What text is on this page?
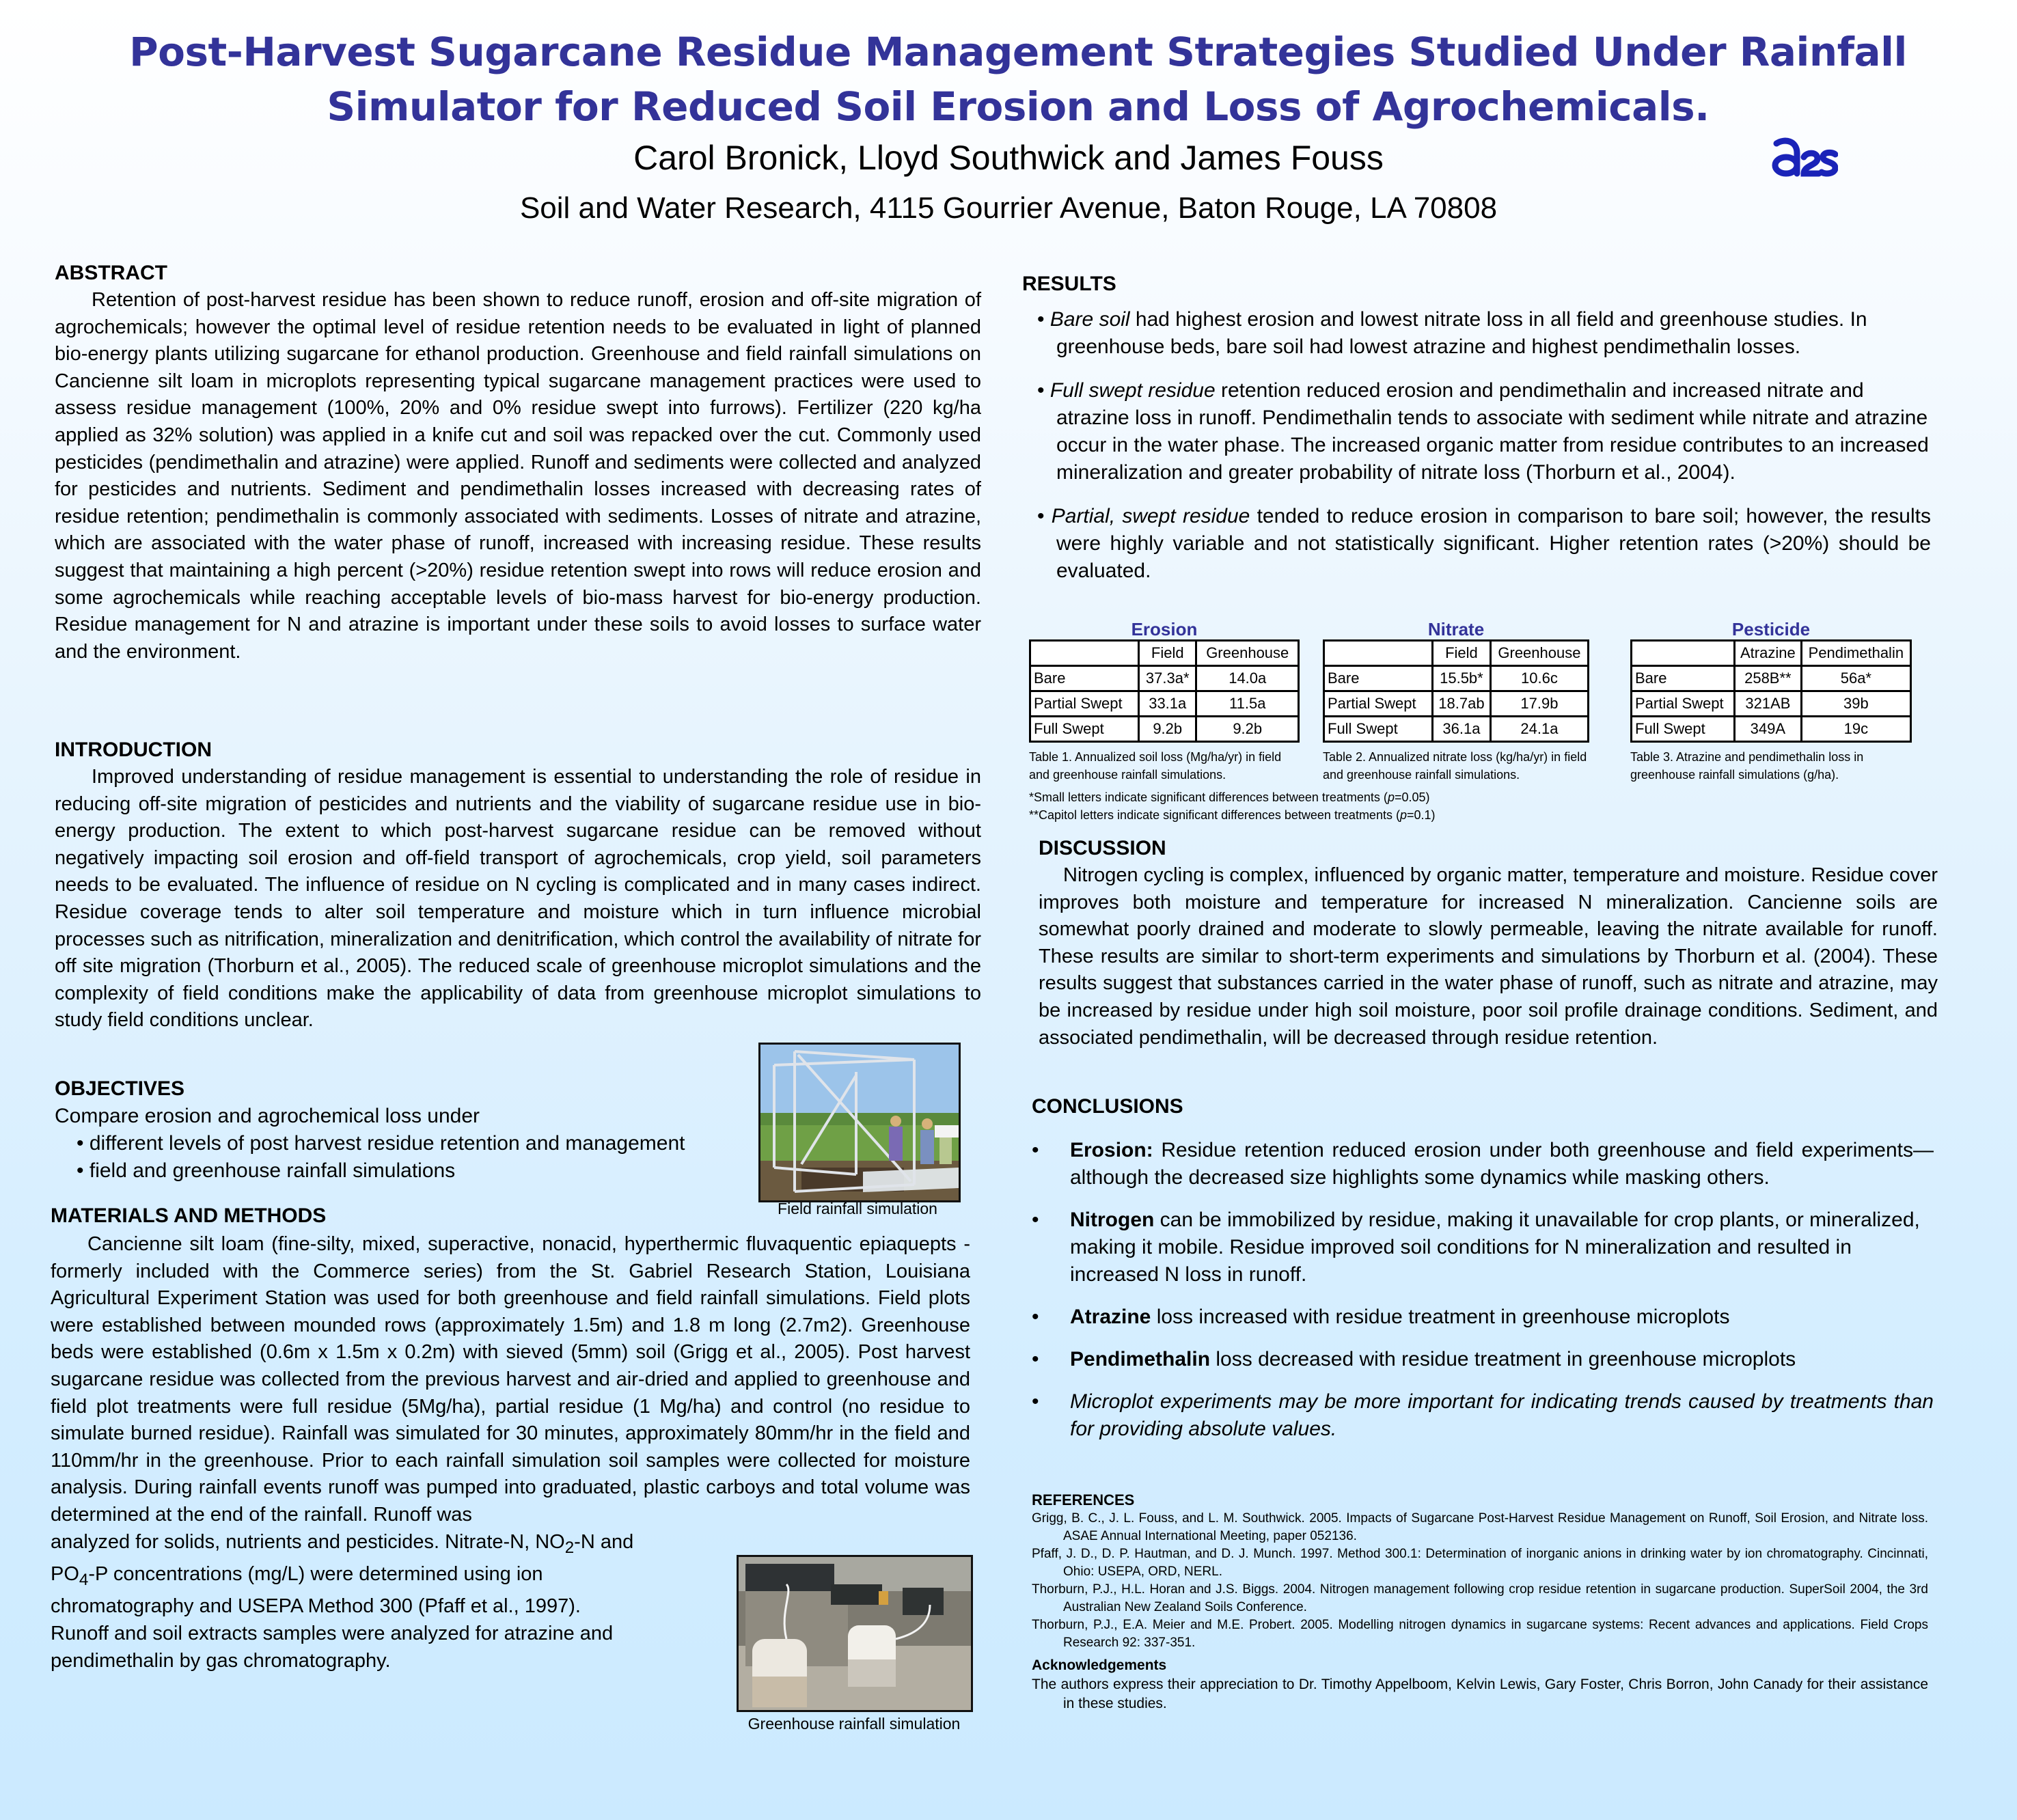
Post-Harvest Sugarcane Residue Management Strategies Studied Under Rainfall
Simulator for Reduced Soil Erosion and Loss of Agrochemicals.
Carol Bronick, Lloyd Southwick and James Fouss
Soil and Water Research, 4115 Gourrier Avenue, Baton Rouge, LA 70808
ABSTRACT
Retention of post-harvest residue has been shown to reduce runoff, erosion and off-site migration of agrochemicals; however the optimal level of residue retention needs to be evaluated in light of planned bio-energy plants utilizing sugarcane for ethanol production. Greenhouse and field rainfall simulations on Cancienne silt loam in microplots representing typical sugarcane management practices were used to assess residue management (100%, 20% and 0% residue swept into furrows). Fertilizer (220 kg/ha applied as 32% solution) was applied in a knife cut and soil was repacked over the cut. Commonly used pesticides (pendimethalin and atrazine) were applied. Runoff and sediments were collected and analyzed for pesticides and nutrients. Sediment and pendimethalin losses increased with decreasing rates of residue retention; pendimethalin is commonly associated with sediments. Losses of nitrate and atrazine, which are associated with the water phase of runoff, increased with increasing residue. These results suggest that maintaining a high percent (>20%) residue retention swept into rows will reduce erosion and some agrochemicals while reaching acceptable levels of bio-mass harvest for bio-energy production. Residue management for N and atrazine is important under these soils to avoid losses to surface water and the environment.
INTRODUCTION
Improved understanding of residue management is essential to understanding the role of residue in reducing off-site migration of pesticides and nutrients and the viability of sugarcane residue use in bio-energy production. The extent to which post-harvest sugarcane residue can be removed without negatively impacting soil erosion and off-field transport of agrochemicals, crop yield, soil parameters needs to be evaluated. The influence of residue on N cycling is complicated and in many cases indirect. Residue coverage tends to alter soil temperature and moisture which in turn influence microbial processes such as nitrification, mineralization and denitrification, which control the availability of nitrate for off site migration (Thorburn et al., 2005). The reduced scale of greenhouse microplot simulations and the complexity of field conditions make the applicability of data from greenhouse microplot simulations to study field conditions unclear.
OBJECTIVES
Compare erosion and agrochemical loss under
• different levels of post harvest residue retention and management
• field and greenhouse rainfall simulations
Field rainfall simulation
MATERIALS AND METHODS
Cancienne silt loam (fine-silty, mixed, superactive, nonacid, hyperthermic fluvaquentic epiaquepts - formerly included with the Commerce series) from the St. Gabriel Research Station, Louisiana Agricultural Experiment Station was used for both greenhouse and field rainfall simulations. Field plots were established between mounded rows (approximately 1.5m) and 1.8 m long (2.7m2). Greenhouse beds were established (0.6m x 1.5m x 0.2m) with sieved (5mm) soil (Grigg et al., 2005). Post harvest sugarcane residue was collected from the previous harvest and air-dried and applied to greenhouse and field plot treatments were full residue (5Mg/ha), partial residue (1 Mg/ha) and control (no residue to simulate burned residue). Rainfall was simulated for 30 minutes, approximately 80mm/hr in the field and 110mm/hr in the greenhouse. Prior to each rainfall simulation soil samples were collected for moisture analysis. During rainfall events runoff was pumped into graduated, plastic carboys and total volume was determined at the end of the rainfall. Runoff was
analyzed for solids, nutrients and pesticides. Nitrate-N, $NO_2-N$ and
$PO_4-P$ concentrations (mg/L) were determined using ion
chromatography and USEPA Method 300 (Pfaff et al., 1997).
Runoff and soil extracts samples were analyzed for atrazine and
pendimethalin by gas chromatography.
Greenhouse rainfall simulation
RESULTS
• Bare soil had highest erosion and lowest nitrate loss in all field and greenhouse studies. In greenhouse beds, bare soil had lowest atrazine and highest pendimethalin losses.
• Full swept residue retention reduced erosion and pendimethalin and increased nitrate and atrazine loss in runoff. Pendimethalin tends to associate with sediment while nitrate and atrazine occur in the water phase. The increased organic matter from residue contributes to an increased mineralization and greater probability of nitrate loss (Thorburn et al., 2004).
• Partial, swept residue tended to reduce erosion in comparison to bare soil; however, the results were highly variable and not statistically significant. Higher retention rates (>20%) should be evaluated.
Erosion
	Field	Greenhouse
Bare	37.3a*	14.0a
Partial Swept	33.1a	11.5a
Full Swept	9.2b	9.2b
Table 1. Annualized soil loss (Mg/ha/yr) in field and greenhouse rainfall simulations.
Nitrate
	Field	Greenhouse
Bare	15.5b*	10.6c
Partial Swept	18.7ab	17.9b
Full Swept	36.1a	24.1a
Table 2. Annualized nitrate loss (kg/ha/yr) in field and greenhouse rainfall simulations.
Pesticide
	Atrazine	Pendimethalin
Bare	258B**	56a*
Partial Swept	321AB	39b
Full Swept	349A	19c
Table 3. Atrazine and pendimethalin loss in greenhouse rainfall simulations (g/ha).
*Small letters indicate significant differences between treatments (p=0.05)
**Capitol letters indicate significant differences between treatments (p=0.1)
DISCUSSION
Nitrogen cycling is complex, influenced by organic matter, temperature and moisture. Residue cover improves both moisture and temperature for increased N mineralization. Cancienne soils are somewhat poorly drained and moderate to slowly permeable, leaving the nitrate available for runoff. These results are similar to short-term experiments and simulations by Thorburn et al. (2004). These results suggest that substances carried in the water phase of runoff, such as nitrate and atrazine, may be increased by residue under high soil moisture, poor soil profile drainage conditions. Sediment, and associated pendimethalin, will be decreased through residue retention.
CONCLUSIONS
• Erosion: Residue retention reduced erosion under both greenhouse and field experiments—although the decreased size highlights some dynamics while masking others.
• Nitrogen can be immobilized by residue, making it unavailable for crop plants, or mineralized, making it mobile. Residue improved soil conditions for N mineralization and resulted in increased N loss in runoff.
• Atrazine loss increased with residue treatment in greenhouse microplots
• Pendimethalin loss decreased with residue treatment in greenhouse microplots
• Microplot experiments may be more important for indicating trends caused by treatments than for providing absolute values.
REFERENCES
Grigg, B. C., J. L. Fouss, and L. M. Southwick. 2005. Impacts of Sugarcane Post-Harvest Residue Management on Runoff, Soil Erosion, and Nitrate loss. ASAE Annual International Meeting, paper 052136.
Pfaff, J. D., D. P. Hautman, and D. J. Munch. 1997. Method 300.1: Determination of inorganic anions in drinking water by ion chromatography. Cincinnati, Ohio: USEPA, ORD, NERL.
Thorburn, P.J., H.L. Horan and J.S. Biggs. 2004. Nitrogen management following crop residue retention in sugarcane production. SuperSoil 2004, the 3rd Australian New Zealand Soils Conference.
Thorburn, P.J., E.A. Meier and M.E. Probert. 2005. Modelling nitrogen dynamics in sugarcane systems: Recent advances and applications. Field Crops Research 92: 337-351.
Acknowledgements
The authors express their appreciation to Dr. Timothy Appelboom, Kelvin Lewis, Gary Foster, Chris Borron, John Canady for their assistance in these studies.
